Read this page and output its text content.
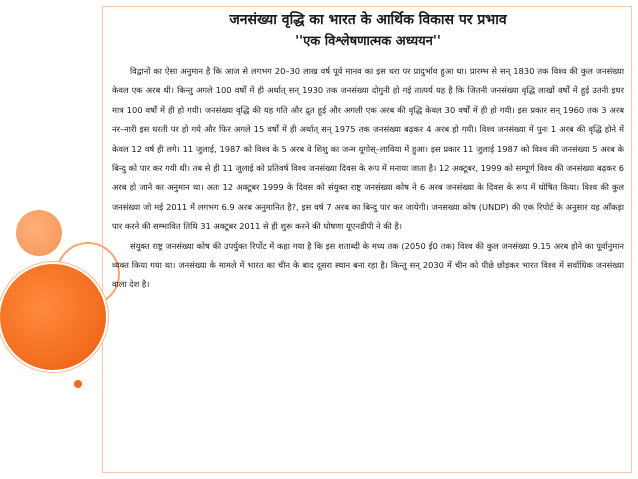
जनसंख्या वृद्धि का भारत के आर्थिक विकास पर प्रभाव
''एक विश्लेषणात्मक अध्ययन''

विद्वानों का ऐसा अनुमान है कि आज से लगभग 20–30 लाख वर्ष पूर्व मानव का इस धरा पर प्रादुर्भाव हुआ था। प्रारम्भ से सन् 1830 तक विश्व की कुल जनसंख्या केवल एक अरब थी। किन्तु अगले 100 वर्षों में ही अर्थात् सन् 1930 तक जनसंख्या दोगुनी हो गई तात्पर्य यह है कि जितनी जनसंख्या वृद्धि लाखों वर्षों में हुई उतनी इधर मात्र 100 वर्षों में ही हो गयी। जनसंख्या वृद्धि की यह गति और द्रुत हुई और अगली एक अरब की वृद्धि केवल 30 वर्षों में ही हो गयी। इस प्रकार सन् 1960 तक 3 अरब नर–नारी इस धरती पर हो गये और फिर अगले 15 वर्षों में ही अर्थात् सन् 1975 तक जनसंख्या बढ़कर 4 अरब हो गयी। विश्व जनसंख्या में पुनः 1 अरब की वृद्धि होने में केवल 12 वर्ष ही लगे। 11 जुलाई, 1987 को विश्व के 5 अरब वे शिशु का जन्म यूगोस्–लाविया में हुआ। इस प्रकार 11 जुलाई 1987 को विश्व की जनसंख्या 5 अरब के बिन्दु को पार कर गयी थी। तब से ही 11 जुलाई को प्रतिवर्ष विश्व जनसंख्या दिवस के रूप में मनाया जाता है। 12 अक्टूबर, 1999 को सम्पूर्ण विश्व की जनसंख्या बढ़कर 6 अरब हो जाने का अनुमान था। अतः 12 अक्टूबर 1999 के दिवस को संयुक्त राष्ट्र जनसंख्या कोष ने 6 अरब जनसंख्या के दिवस के रूप में घोषित किया। विश्व की कुल जनसंख्या जो मई 2011 में लगभग 6.9 अरब अनुमानित है?, इस वर्ष 7 अरब का बिन्दु पार कर जायेगी। जनसख्या कोष (UNDP) की एक रिपोर्ट के अनुसार यह आँकड़ा पार करने की सम्भावित तिथि 31 अक्टूबर 2011 से ही शुरू करने की घोषणा यूएनडीपी ने की है।

संयुक्त राष्ट्र जनसंख्या कोष की उपर्युक्त रिर्पोट में कहा गया है कि इस शताब्दी के मध्य तक (2050 ई0 तक) विश्व की कुल जनसंख्या 9.15 अरब होने का पूर्वानुमान व्यक्त किया गया था। जनसंख्या के मामले में भारत का चीन के बाद दूसरा स्थान बना रहा है। किन्तु सन् 2030 में चीन को पीछे छोड़कर भारत विश्व में सर्वाधिक जनसंख्या वाला देश है।
